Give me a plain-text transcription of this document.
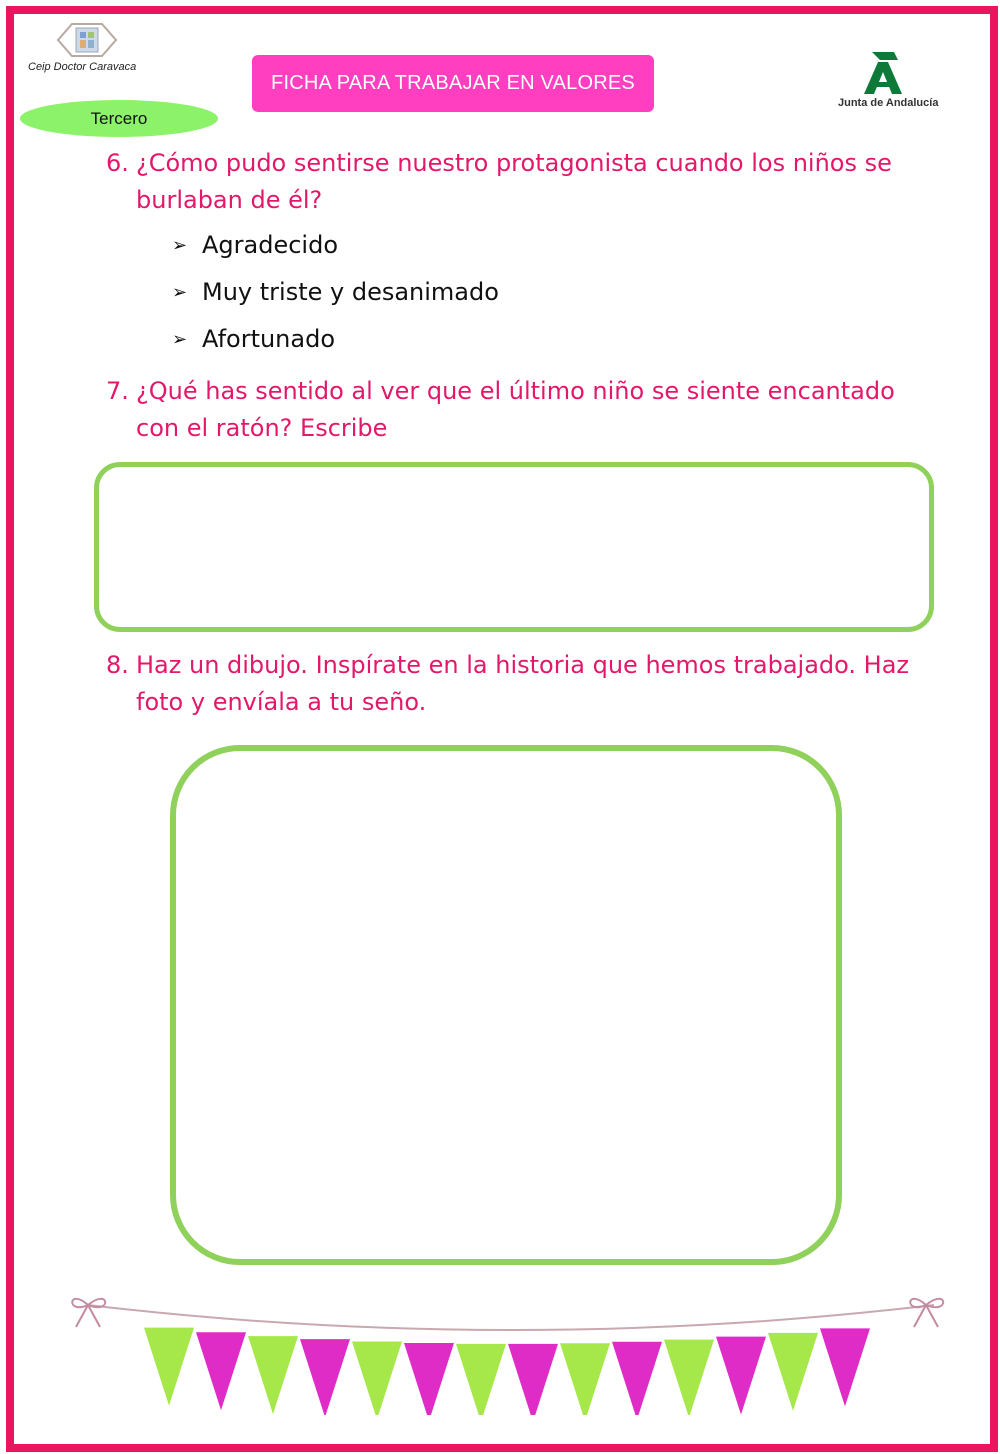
Ceip Doctor Caravaca
FICHA PARA TRABAJAR EN VALORES
Tercero
Junta de Andalucía
6. ¿Cómo pudo sentirse nuestro protagonista cuando los niños se burlaban de él?
➢ Agradecido
➢ Muy triste y desanimado
➢ Afortunado
7. ¿Qué has sentido al ver que el último niño se siente encantado con el ratón? Escribe
8. Haz un dibujo. Inspírate en la historia que hemos trabajado. Haz foto y envíala a tu seño.
